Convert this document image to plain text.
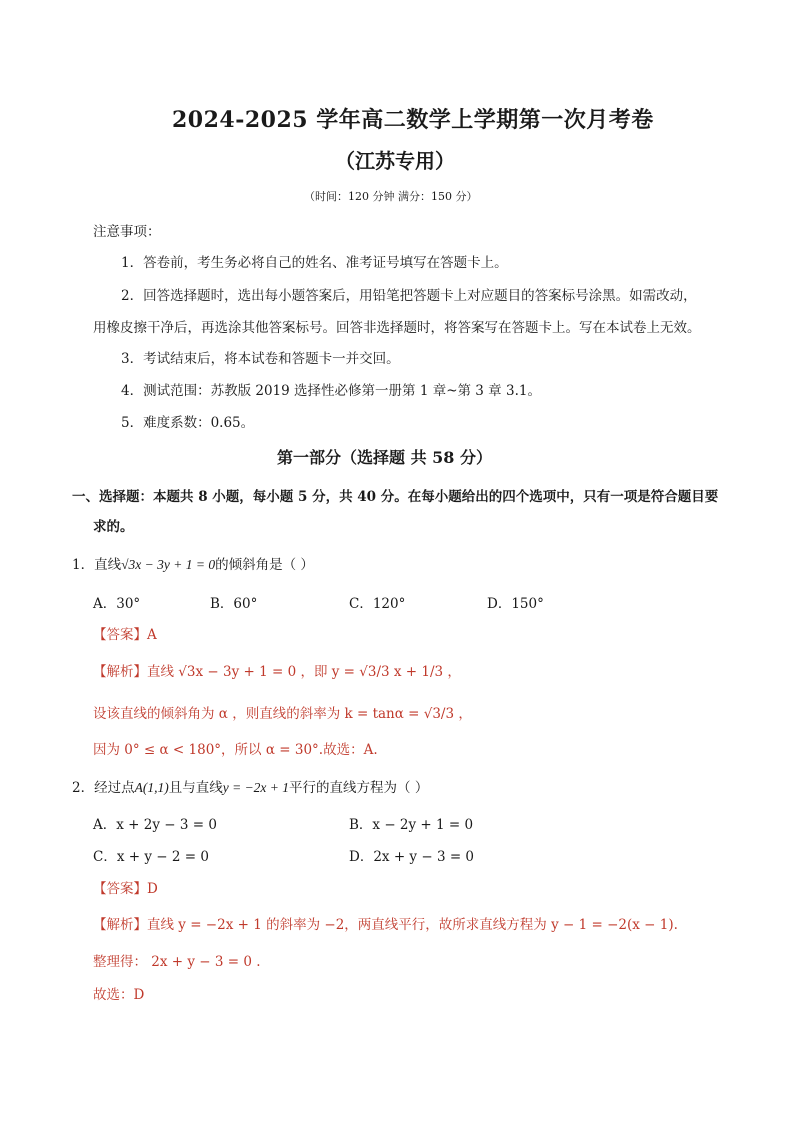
2024-2025 学年高二数学上学期第一次月考卷
（江苏专用）
（时间：120 分钟 满分：150 分）
注意事项：
1．答卷前，考生务必将自己的姓名、准考证号填写在答题卡上。
2．回答选择题时，选出每小题答案后，用铅笔把答题卡上对应题目的答案标号涂黑。如需改动，
用橡皮擦干净后，再选涂其他答案标号。回答非选择题时，将答案写在答题卡上。写在本试卷上无效。
3．考试结束后，将本试卷和答题卡一并交回。
4．测试范围：苏教版 2019 选择性必修第一册第 1 章~第 3 章 3.1。
5．难度系数：0.65。
第一部分（选择题 共 58 分）
一、选择题：本题共 8 小题，每小题 5 分，共 40 分。在每小题给出的四个选项中，只有一项是符合题目要
求的。
1．直线√3x − 3y + 1 = 0的倾斜角是（ ）
A．30°	B．60°	C．120°	D．150°
【答案】A
【解析】直线 √3x − 3y + 1 = 0 ，即 y = √3/3 x + 1/3 ，
设该直线的倾斜角为 α ，则直线的斜率为 k = tanα = √3/3 ，
因为 0° ≤ α < 180°，所以 α = 30°.故选：A.
2．经过点A(1,1)且与直线y = −2x + 1平行的直线方程为（ ）
A．x + 2y − 3 = 0	B．x − 2y + 1 = 0
C．x + y − 2 = 0	D．2x + y − 3 = 0
【答案】D
【解析】直线 y = −2x + 1 的斜率为 −2，两直线平行，故所求直线方程为 y − 1 = −2(x − 1).
整理得： 2x + y − 3 = 0 .
故选：D
